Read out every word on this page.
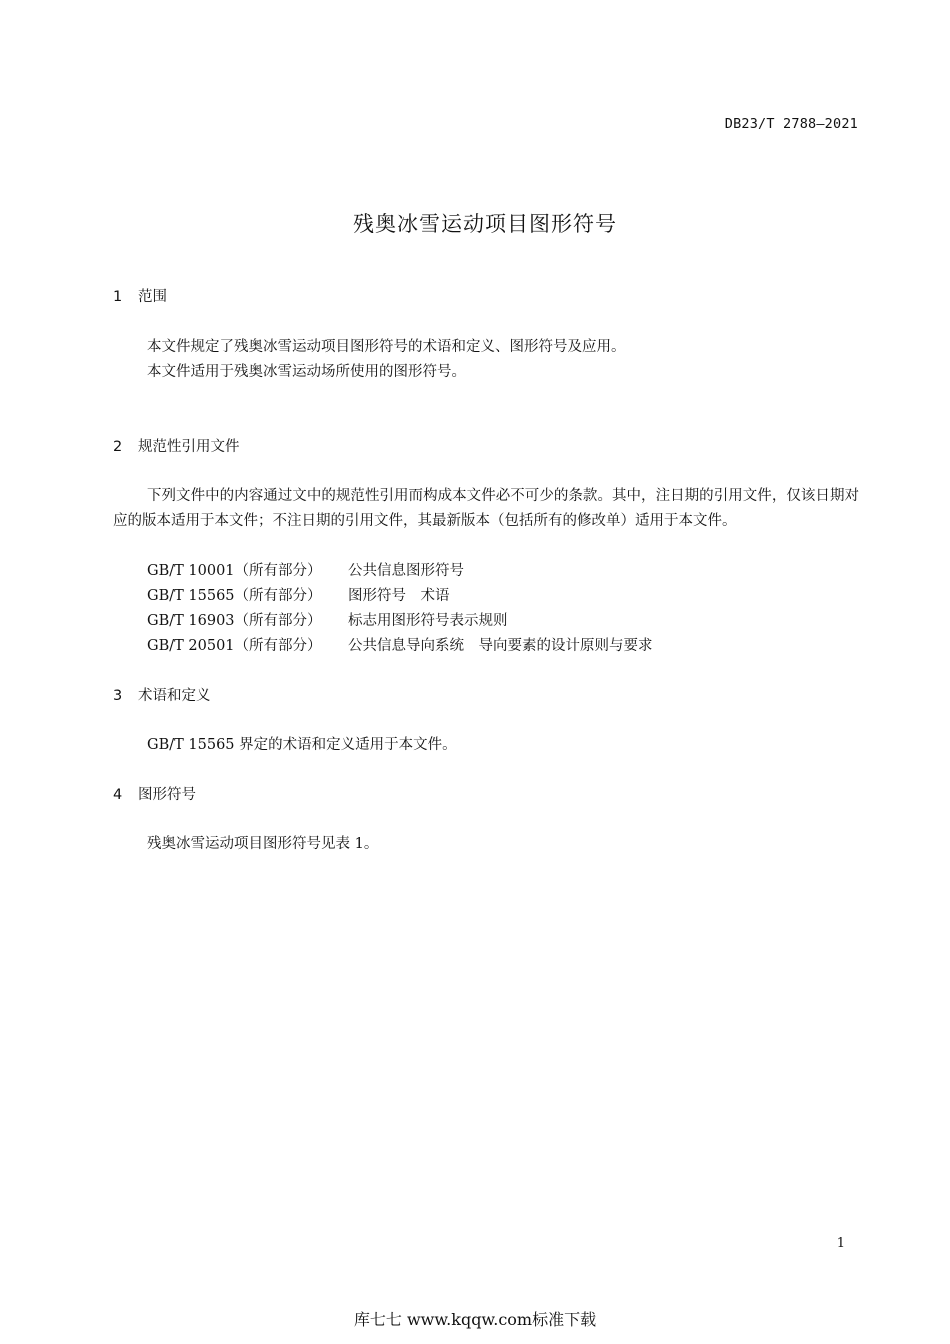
DB23/T 2788—2021
残奥冰雪运动项目图形符号
1 范围
本文件规定了残奥冰雪运动项目图形符号的术语和定义、图形符号及应用。
本文件适用于残奥冰雪运动场所使用的图形符号。
2 规范性引用文件
下列文件中的内容通过文中的规范性引用而构成本文件必不可少的条款。其中，注日期的引用文件，仅该日期对应的版本适用于本文件；不注日期的引用文件，其最新版本（包括所有的修改单）适用于本文件。
GB/T 10001（所有部分） 公共信息图形符号
GB/T 15565（所有部分） 图形符号　术语
GB/T 16903（所有部分） 标志用图形符号表示规则
GB/T 20501（所有部分） 公共信息导向系统　导向要素的设计原则与要求
3 术语和定义
GB/T 15565 界定的术语和定义适用于本文件。
4 图形符号
残奥冰雪运动项目图形符号见表 1。
1
库七七 www.kqqw.com标准下载
